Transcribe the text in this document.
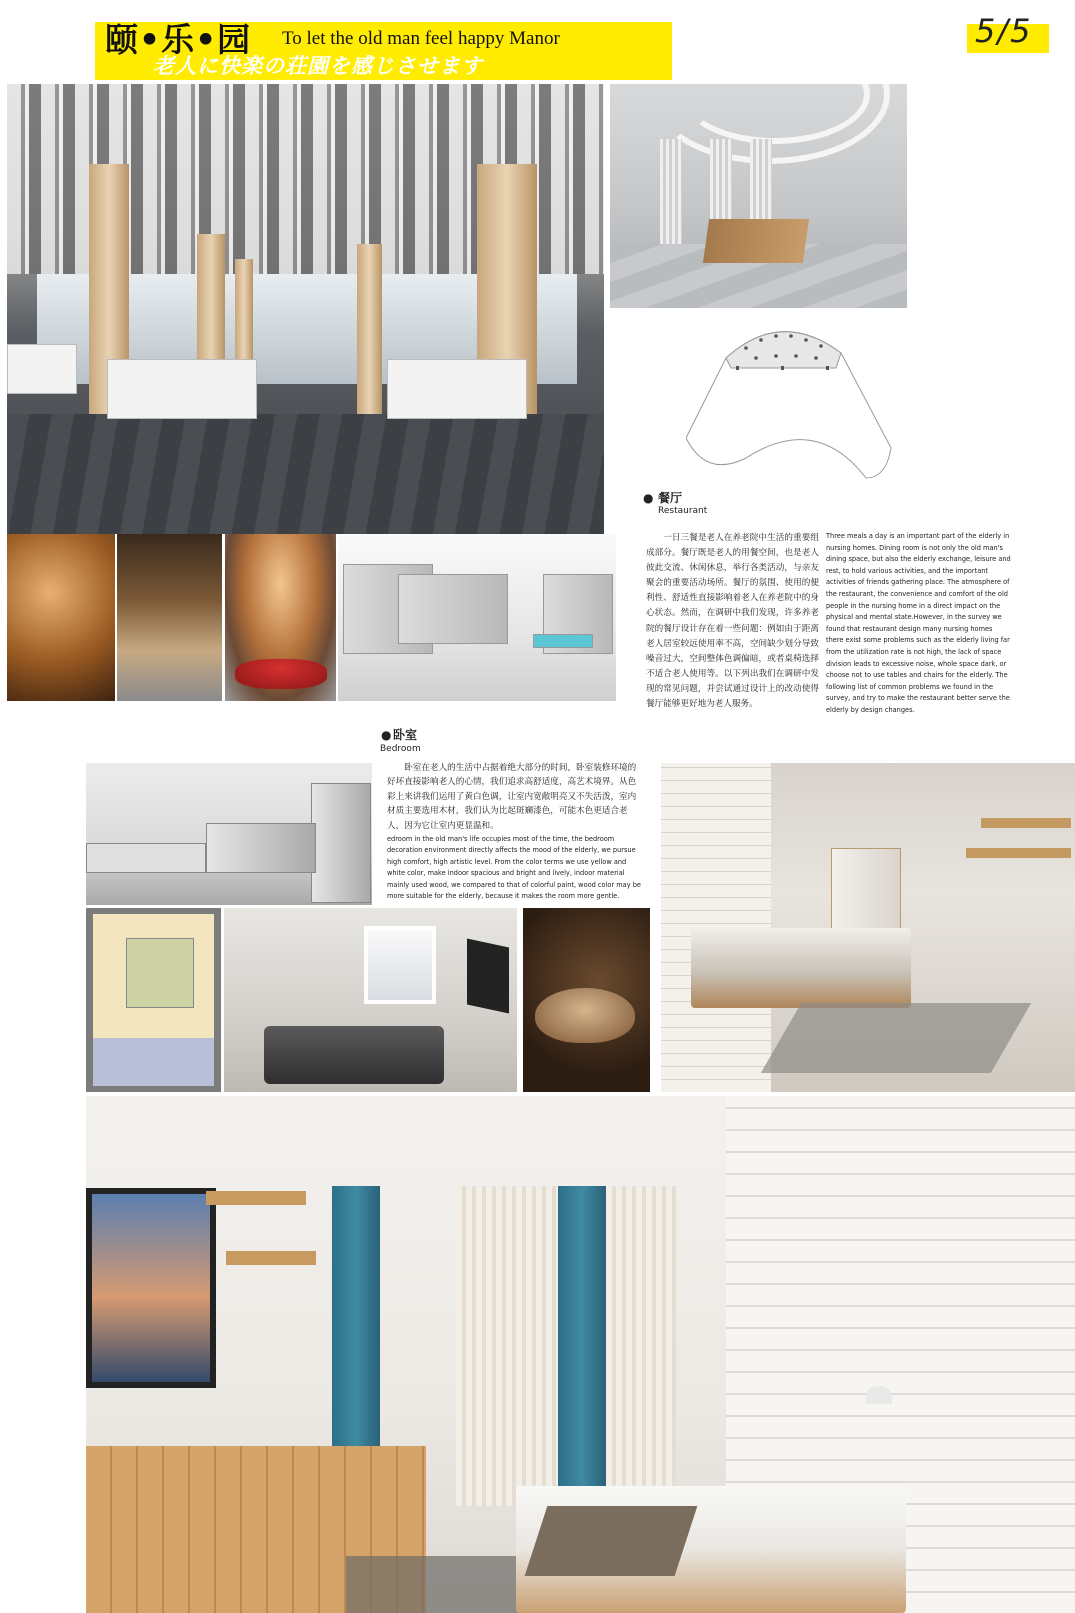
颐•乐•园 To let the old man feel happy Manor
老人に快楽の荘園を感じさせます
5/5
● 餐厅
Restaurant
一日三餐是老人在养老院中生活的重要组成部分。餐厅既是老人的用餐空间，也是老人彼此交流、休闲休息，举行各类活动，与亲友聚会的重要活动场所。餐厅的氛围、使用的便利性、舒适性直接影响着老人在养老院中的身心状态。然而，在调研中我们发现，许多养老院的餐厅设计存在着一些问题：例如由于距离老人居室较远使用率不高，空间缺少划分导致噪音过大，空间整体色调偏暗，或者桌椅选择不适合老人使用等。以下列出我们在调研中发现的常见问题，并尝试通过设计上的改动使得餐厅能够更好地为老人服务。
Three meals a day is an important part of the elderly in nursing homes. Dining room is not only the old man's dining space, but also the elderly exchange, leisure and rest, to hold various activities, and the important activities of friends gathering place. The atmosphere of the restaurant, the convenience and comfort of the old people in the nursing home in a direct impact on the physical and mental state.However, in the survey we found that restaurant design many nursing homes there exist some problems such as the elderly living far from the utilization rate is not high, the lack of space division leads to excessive noise, whole space dark, or choose not to use tables and chairs for the elderly. The following list of common problems we found in the survey, and try to make the restaurant better serve the elderly by design changes.
● 卧室
Bedroom
卧室在老人的生活中占据着绝大部分的时间，卧室装修环境的好坏直接影响老人的心情，我们追求高舒适度，高艺术境界。从色彩上来讲我们运用了黄白色调，让室内宽敞明亮又不失活泼，室内材质主要选用木材，我们认为比起斑斓漆色，可能木色更适合老人，因为它让室内更显温和。
edroom in the old man's life occupies most of the time, the bedroom decoration environment directly affects the mood of the elderly, we pursue high comfort, high artistic level. From the color terms we use yellow and white color, make indoor spacious and bright and lively, indoor material mainly used wood, we compared to that of colorful paint, wood color may be more suitable for the elderly, because it makes the room more gentle.
